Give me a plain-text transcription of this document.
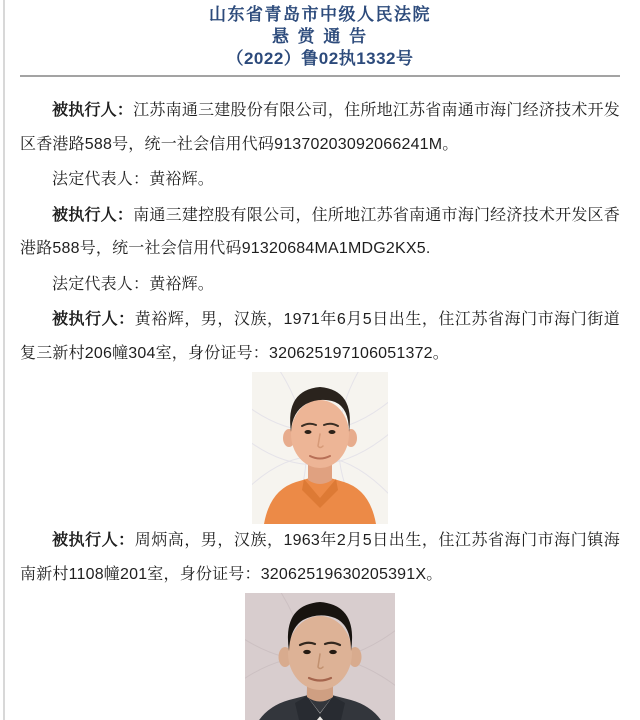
山东省青岛市中级人民法院
悬 赏 通 告
（2022）鲁02执1332号

被执行人：江苏南通三建股份有限公司，住所地江苏省南通市海门经济技术开发区香港路588号，统一社会信用代码91370203092066241M。

法定代表人：黄裕辉。

被执行人：南通三建控股有限公司，住所地江苏省南通市海门经济技术开发区香港路588号，统一社会信用代码91320684MA1MDG2KX5.

法定代表人：黄裕辉。

被执行人：黄裕辉，男，汉族，1971年6月5日出生，住江苏省海门市海门街道复三新村206幢304室，身份证号：320625197106051372。

被执行人：周炳高，男，汉族，1963年2月5日出生，住江苏省海门市海门镇海南新村1108幢201室，身份证号：32062519630205391X。
